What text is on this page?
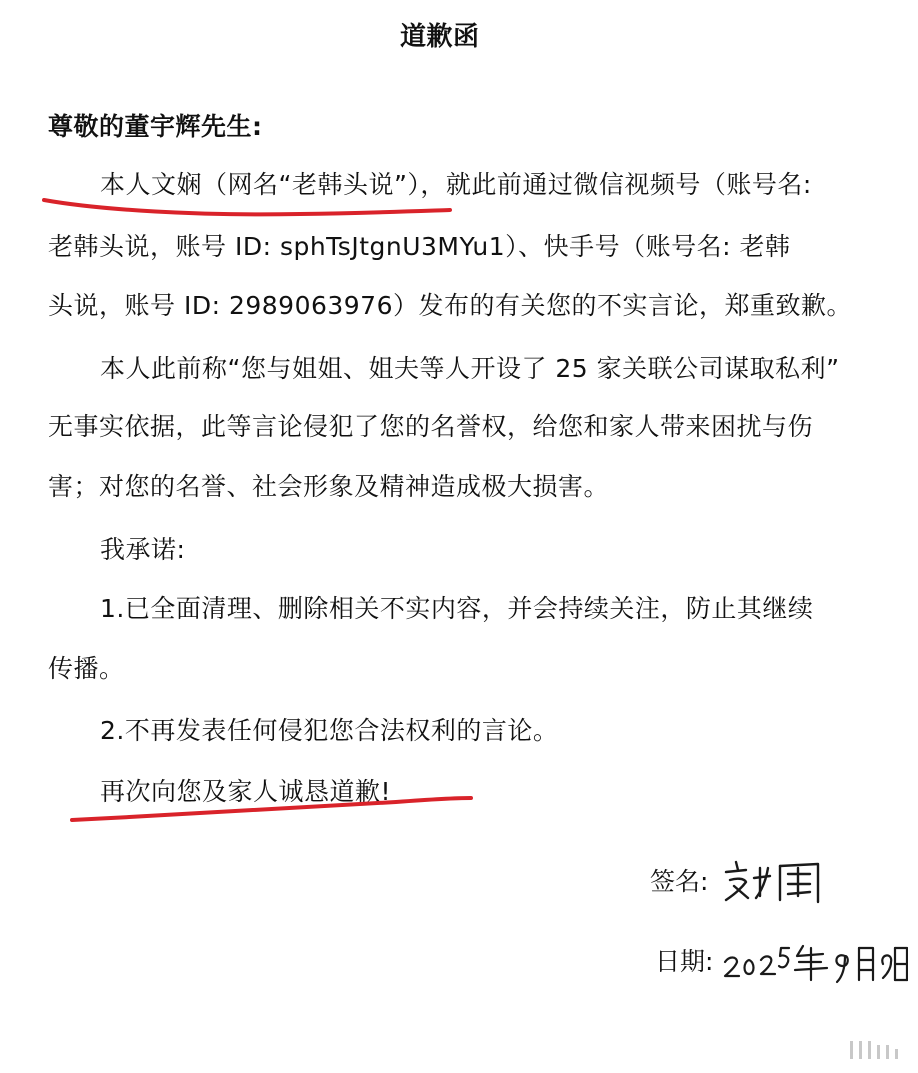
道歉函
尊敬的董宇辉先生:
本人文娴（网名“老韩头说”），就此前通过微信视频号（账号名:
老韩头说，账号 ID: sphTsJtgnU3MYu1）、快手号（账号名: 老韩
头说，账号 ID: 2989063976）发布的有关您的不实言论，郑重致歉。
本人此前称“您与姐姐、姐夫等人开设了 25 家关联公司谋取私利”
无事实依据，此等言论侵犯了您的名誉权，给您和家人带来困扰与伤
害；对您的名誉、社会形象及精神造成极大损害。
我承诺:
1.已全面清理、删除相关不实内容，并会持续关注，防止其继续
传播。
2.不再发表任何侵犯您合法权利的言论。
再次向您及家人诚恳道歉!
签名:
日期:
